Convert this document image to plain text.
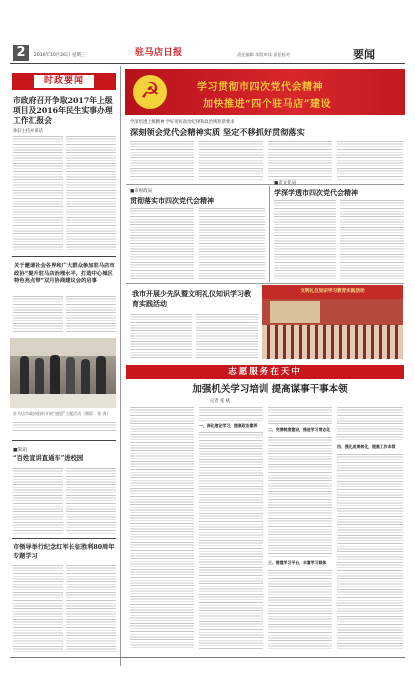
2	2016年10月26日 星期三	驻马店日报	责任编辑 本版审读 责任校对	要闻
时政要闻
市政府召开争取2017年上级项目及2016年民生实事办理工作汇报会
孙轩主持并讲话
关于邀请社会各界和广大群众参加驻马店市政协“提升驻马店治理水平，打造中心城区特色亮点带”双月协商建议会的启事
驻马店市政协组织开展“感恩”主题活动（摄影：张 涛）
■简讯
“百姓宣讲直通车”进校园
市领导举行纪念红军长征胜利80周年专题学习
☭	学习贯彻市四次党代会精神
加快推进“四个驻马店”建设
学深悟透上级精神 学好用好政治纪律和政治规矩新要求
深刻领会党代会精神实质 坚定不移抓好贯彻落实
■市财政局
贯彻落实市四次党代会精神
■市文化局
学深学透市四次党代会精神
我市开展少先队暨文明礼仪知识学习教育实践活动
文明礼仪知识学习教育实践活动
志愿服务在天中
加强机关学习培训 提高谋事干事本领
记者 张 斌
一、深化理论学习，提高政治素养
二、完善制度建设，推进学习常态化
三、搭建学习平台，丰富学习载体
四、强化成果转化，提高工作本领
